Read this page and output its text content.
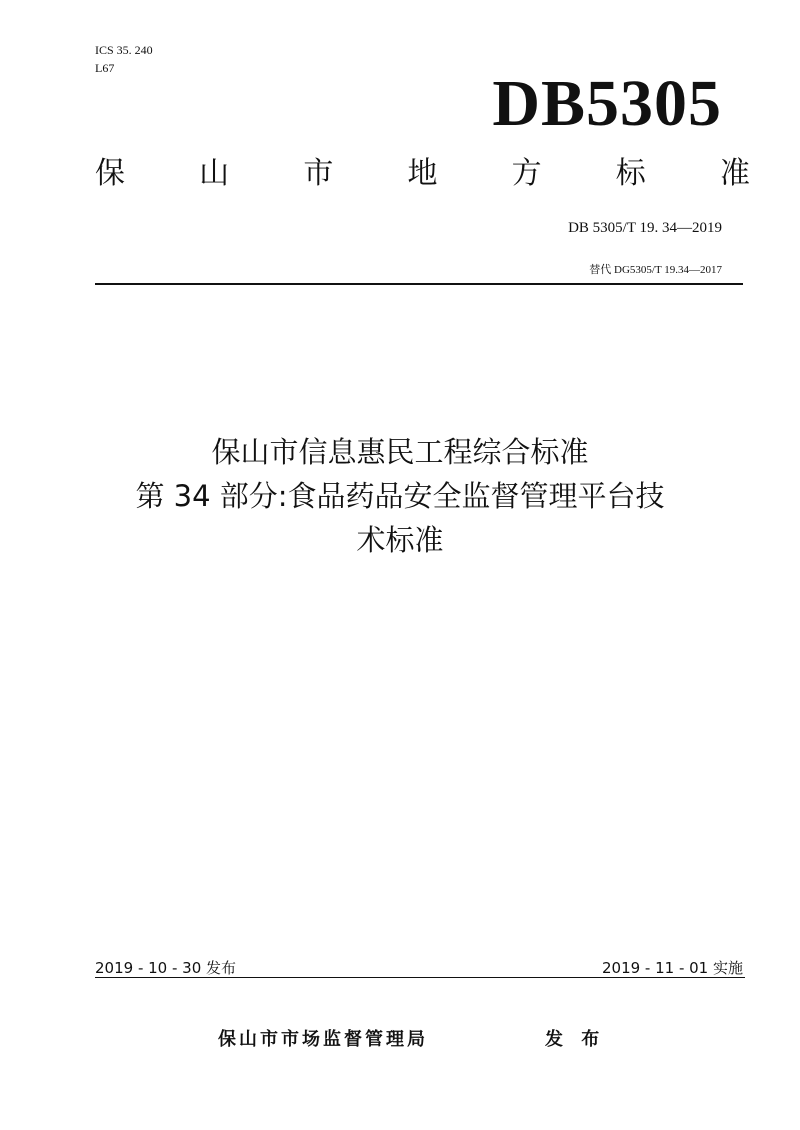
ICS 35. 240
L67	DB5305
保 山 市 地 方 标 准
DB 5305/T 19. 34—2019
替代 DG5305/T 19.34—2017
保山市信息惠民工程综合标准
第 34 部分:食品药品安全监督管理平台技
术标准
2019 - 10 - 30 发布	2019 - 11 - 01 实施
保山市市场监督管理局	发 布
